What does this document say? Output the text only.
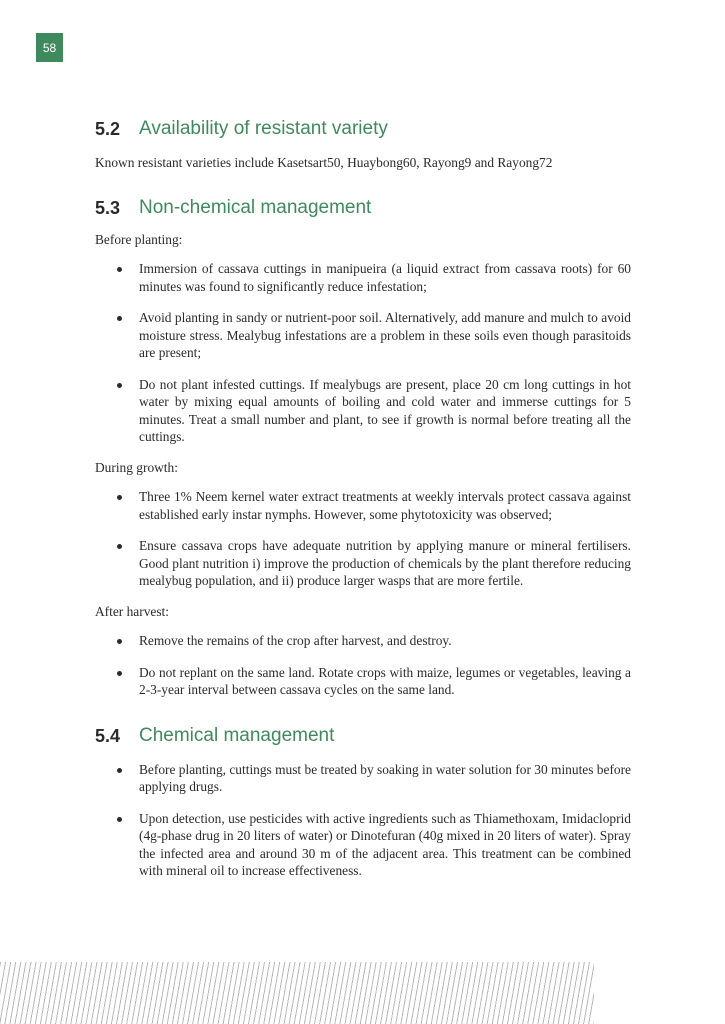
58
5.2 Availability of resistant variety

Known resistant varieties include Kasetsart50, Huaybong60, Rayong9 and Rayong72

5.3 Non-chemical management

Before planting:

Immersion of cassava cuttings in manipueira (a liquid extract from cassava roots) for 60 minutes was found to significantly reduce infestation;
Avoid planting in sandy or nutrient-poor soil. Alternatively, add manure and mulch to avoid moisture stress. Mealybug infestations are a problem in these soils even though parasitoids are present;
Do not plant infested cuttings. If mealybugs are present, place 20 cm long cuttings in hot water by mixing equal amounts of boiling and cold water and immerse cuttings for 5 minutes. Treat a small number and plant, to see if growth is normal before treating all the cuttings.

During growth:

Three 1% Neem kernel water extract treatments at weekly intervals protect cassava against established early instar nymphs. However, some phytotoxicity was observed;
Ensure cassava crops have adequate nutrition by applying manure or mineral fertilisers. Good plant nutrition i) improve the production of chemicals by the plant therefore reducing mealybug population, and ii) produce larger wasps that are more fertile.

After harvest:

Remove the remains of the crop after harvest, and destroy.
Do not replant on the same land. Rotate crops with maize, legumes or vegetables, leaving a 2-3-year interval between cassava cycles on the same land.
5.4 Chemical management
Before planting, cuttings must be treated by soaking in water solution for 30 minutes before applying drugs.
Upon detection, use pesticides with active ingredients such as Thiamethoxam, Imidacloprid (4g-phase drug in 20 liters of water) or Dinotefuran (40g mixed in 20 liters of water). Spray the infected area and around 30 m of the adjacent area. This treatment can be combined with mineral oil to increase effectiveness.
